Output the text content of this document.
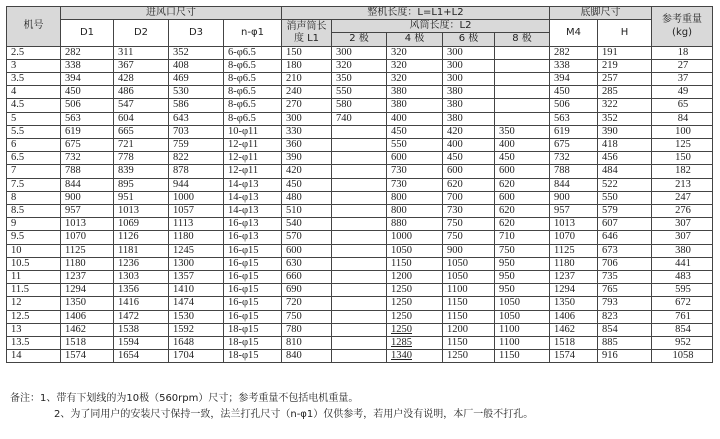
机号	进风口尺寸				整机长度：L=L1+L2					底脚尺寸		参考重量(kg)
	D1	D2	D3	n-φ1	消声筒长度 L1	风筒长度：L2				M4	H	
						2 极	4 极	6 极	8 极			
2.5	282	311	352	6-φ6.5	150	300	320	300		282	191	18
3	338	367	408	8-φ6.5	180	320	320	300		338	219	27
3.5	394	428	469	8-φ6.5	210	350	320	300		394	257	37
4	450	486	530	8-φ6.5	240	550	380	380		450	285	49
4.5	506	547	586	8-φ6.5	270	580	380	380		506	322	65
5	563	604	643	8-φ6.5	300	740	400	380		563	352	84
5.5	619	665	703	10-φ11	330		450	420	350	619	390	100
6	675	721	759	12-φ11	360		550	400	400	675	418	125
6.5	732	778	822	12-φ11	390		600	450	450	732	456	150
7	788	839	878	12-φ11	420		730	600	600	788	484	182
7.5	844	895	944	14-φ13	450		730	620	620	844	522	213
8	900	951	1000	14-φ13	480		800	700	600	900	550	247
8.5	957	1013	1057	14-φ13	510		800	730	620	957	579	276
9	1013	1069	1113	16-φ13	540		880	750	620	1013	607	307
9.5	1070	1126	1180	16-φ13	570		1000	750	710	1070	646	307
10	1125	1181	1245	16-φ15	600		1050	900	750	1125	673	380
10.5	1180	1236	1300	16-φ15	630		1150	1050	950	1180	706	441
11	1237	1303	1357	16-φ15	660		1200	1050	950	1237	735	483
11.5	1294	1356	1410	16-φ15	690		1250	1100	950	1294	765	595
12	1350	1416	1474	16-φ15	720		1250	1150	1050	1350	793	672
12.5	1406	1472	1530	16-φ15	750		1250	1150	1050	1406	823	761
13	1462	1538	1592	18-φ15	780		1250	1200	1100	1462	854	854
13.5	1518	1594	1648	18-φ15	810		1285	1150	1100	1518	885	952
14	1574	1654	1704	18-φ15	840		1340	1250	1150	1574	916	1058
备注：1、带有下划线的为10极（560rpm）尺寸；参考重量不包括电机重量。
2、为了同用户的安装尺寸保持一致，法兰打孔尺寸（n-φ1）仅供参考，若用户没有说明，本厂一般不打孔。
